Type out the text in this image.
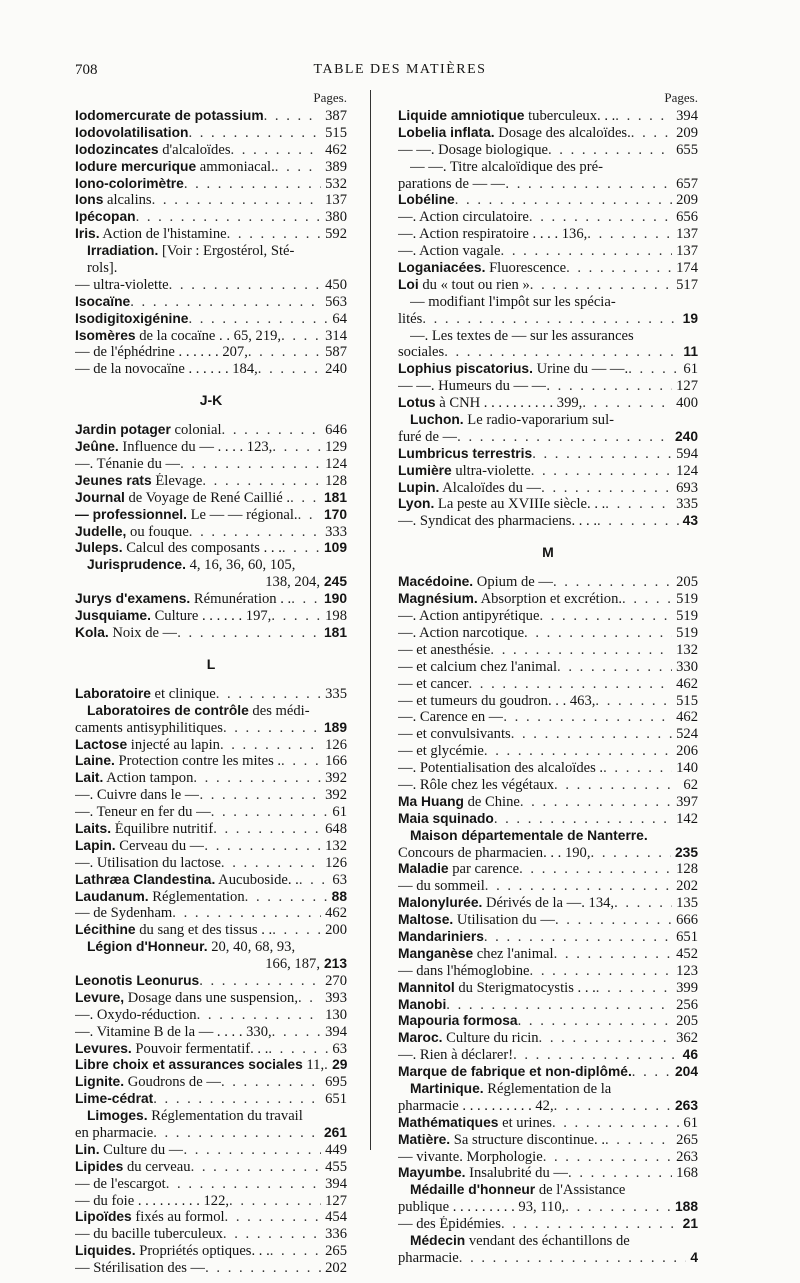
708	TABLE DES MATIÈRES
Pages.
Iodomercurate de potassium . . .	387
Iodovolatilisation . . .	515
Iodozincates d'alcaloïdes . . .	462
Iodure mercurique ammoniacal. . . .	389
Iono-colorimètre . . .	532
Ions alcalins . . .	137
Ipécopan . . .	380
Iris. Action de l'histamine . . .	592
Irradiation. [Voir : Ergostérol, Sté-
rols].
— ultra-violette . . .	450
Isocaïne . . .	563
Isodigitoxigénine . . .	64
Isomères de la cocaïne . . 65, 219, . . .	314
— de l'éphédrine . . . . . . 207, . . .	587
— de la novocaïne . . . . . . 184, . . .	240
J-K
Jardin potager colonial . . .	646
Jeûne. Influence du — . . . . 123, . . .	129
—. Ténanie du — . . .	124
Jeunes rats Élevage . . .	128
Journal de Voyage de René Caillié . . . . 181
— professionnel. Le — — régional. . . . 170
Judelle, ou fouque . . .	333
Juleps. Calcul des composants . . . . . .	109
Jurisprudence. 4, 16, 36, 60, 105,
138, 204, 245
Jurys d'examens. Rémunération . . . . . 190
Jusquiame. Culture . . . . . . 197, . . .	198
Kola. Noix de — . . .	181
L
Laboratoire et clinique . . .	335
Laboratoires de contrôle des médi-
caments antisyphilitiques . . .	189
Lactose injecté au lapin . . .	126
Laine. Protection contre les mites . . . .	166
Lait. Action tampon . . .	392
—. Cuivre dans le — . . .	392
—. Teneur en fer du — . . .	61
Laits. Équilibre nutritif . . .	648
Lapin. Cerveau du — . . .	132
—. Utilisation du lactose . . .	126
Lathræa Clandestina. Aucuboside. . . . . 63
Laudanum. Réglementation . . .	88
— de Sydenham . . .	462
Lécithine du sang et des tissus . . . . .	200
Légion d'Honneur. 20, 40, 68, 93,
166, 187, 213
Leonotis Leonurus . . .	270
Levure, Dosage dans une suspension, . . . 393
—. Oxydo-réduction . . .	130
—. Vitamine B de la — . . . . 330, . . .	394
Levures. Pouvoir fermentatif. . . . . .	63
Libre choix et assurances sociales 11, . . . 29
Lignite. Goudrons de — . . .	695
Lime-cédrat . . .	651
Limoges. Réglementation du travail
en pharmacie . . .	261
Lin. Culture du — . . .	449
Lipides du cerveau . . .	455
— de l'escargot . . .	394
— du foie . . . . . . . . . 122, . . .	127
Lipoïdes fixés au formol . . .	454
— du bacille tuberculeux . . .	336
Liquides. Propriétés optiques. . . . . .	265
— Stérilisation des — . . .	202
Pages.
Liquide amniotique tuberculeux. . . . . .	394
Lobelia inflata. Dosage des alcaloïdes. . . .	209
— —. Dosage biologique . . .	655
— —. Titre alcaloïdique des pré-
parations de — — . . .	657
Lobéline . . .	209
—. Action circulatoire . . .	656
—. Action respiratoire . . . . 136, . . .	137
—. Action vagale . . .	137
Loganiacées. Fluorescence . . .	174
Loi du « tout ou rien » . . .	517
— modifiant l'impôt sur les spécia-
lités . . .	19
—. Les textes de — sur les assurances
sociales . . .	11
Lophius piscatorius. Urine du — —. . . .	61
— —. Humeurs du — — . . .	127
Lotus à CNH . . . . . . . . . . 399, . . .	400
Luchon. Le radio-vaporarium sul-
furé de — . . .	240
Lumbricus terrestris . . .	594
Lumière ultra-violette . . .	124
Lupin. Alcaloïdes du — . . .	693
Lyon. La peste au XVIIIe siècle. . . . . .	335
—. Syndicat des pharmaciens. . . . . . .	43
M
Macédoine. Opium de — . . .	205
Magnésium. Absorption et excrétion. . . .	519
—. Action antipyrétique . . .	519
—. Action narcotique . . .	519
— et anesthésie . . .	132
— et calcium chez l'animal . . .	330
— et cancer . . .	462
— et tumeurs du goudron. . . 463, . . .	515
—. Carence en — . . .	462
— et convulsivants . . .	524
— et glycémie . . .	206
—. Potentialisation des alcaloïdes . . . .	140
—. Rôle chez les végétaux . . .	62
Ma Huang de Chine . . .	397
Maia squinado . . .	142
Maison départementale de Nanterre.
Concours de pharmacien. . . 190, . . .	235
Maladie par carence . . .	128
— du sommeil . . .	202
Malonylurée. Dérivés de la —. 134, . . .	135
Maltose. Utilisation du — . . .	666
Mandariniers . . .	651
Manganèse chez l'animal . . .	452
— dans l'hémoglobine . . .	123
Mannitol du Sterigmatocystis . . . . . .	399
Manobi . . .	256
Mapouria formosa . . .	205
Maroc. Culture du ricin . . .	362
—. Rien à déclarer! . . .	46
Marque de fabrique et non-diplômé. . . .	204
Martinique. Réglementation de la
pharmacie . . . . . . . . . . 42, . . .	263
Mathématiques et urines . . .	61
Matière. Sa structure discontinue. . . . .	265
— vivante. Morphologie . . .	263
Mayumbe. Insalubrité du — . . .	168
Médaille d'honneur de l'Assistance
publique . . . . . . . . . 93, 110, . . .	188
— des Épidémies . . .	21
Médecin vendant des échantillons de
pharmacie . . .	4
